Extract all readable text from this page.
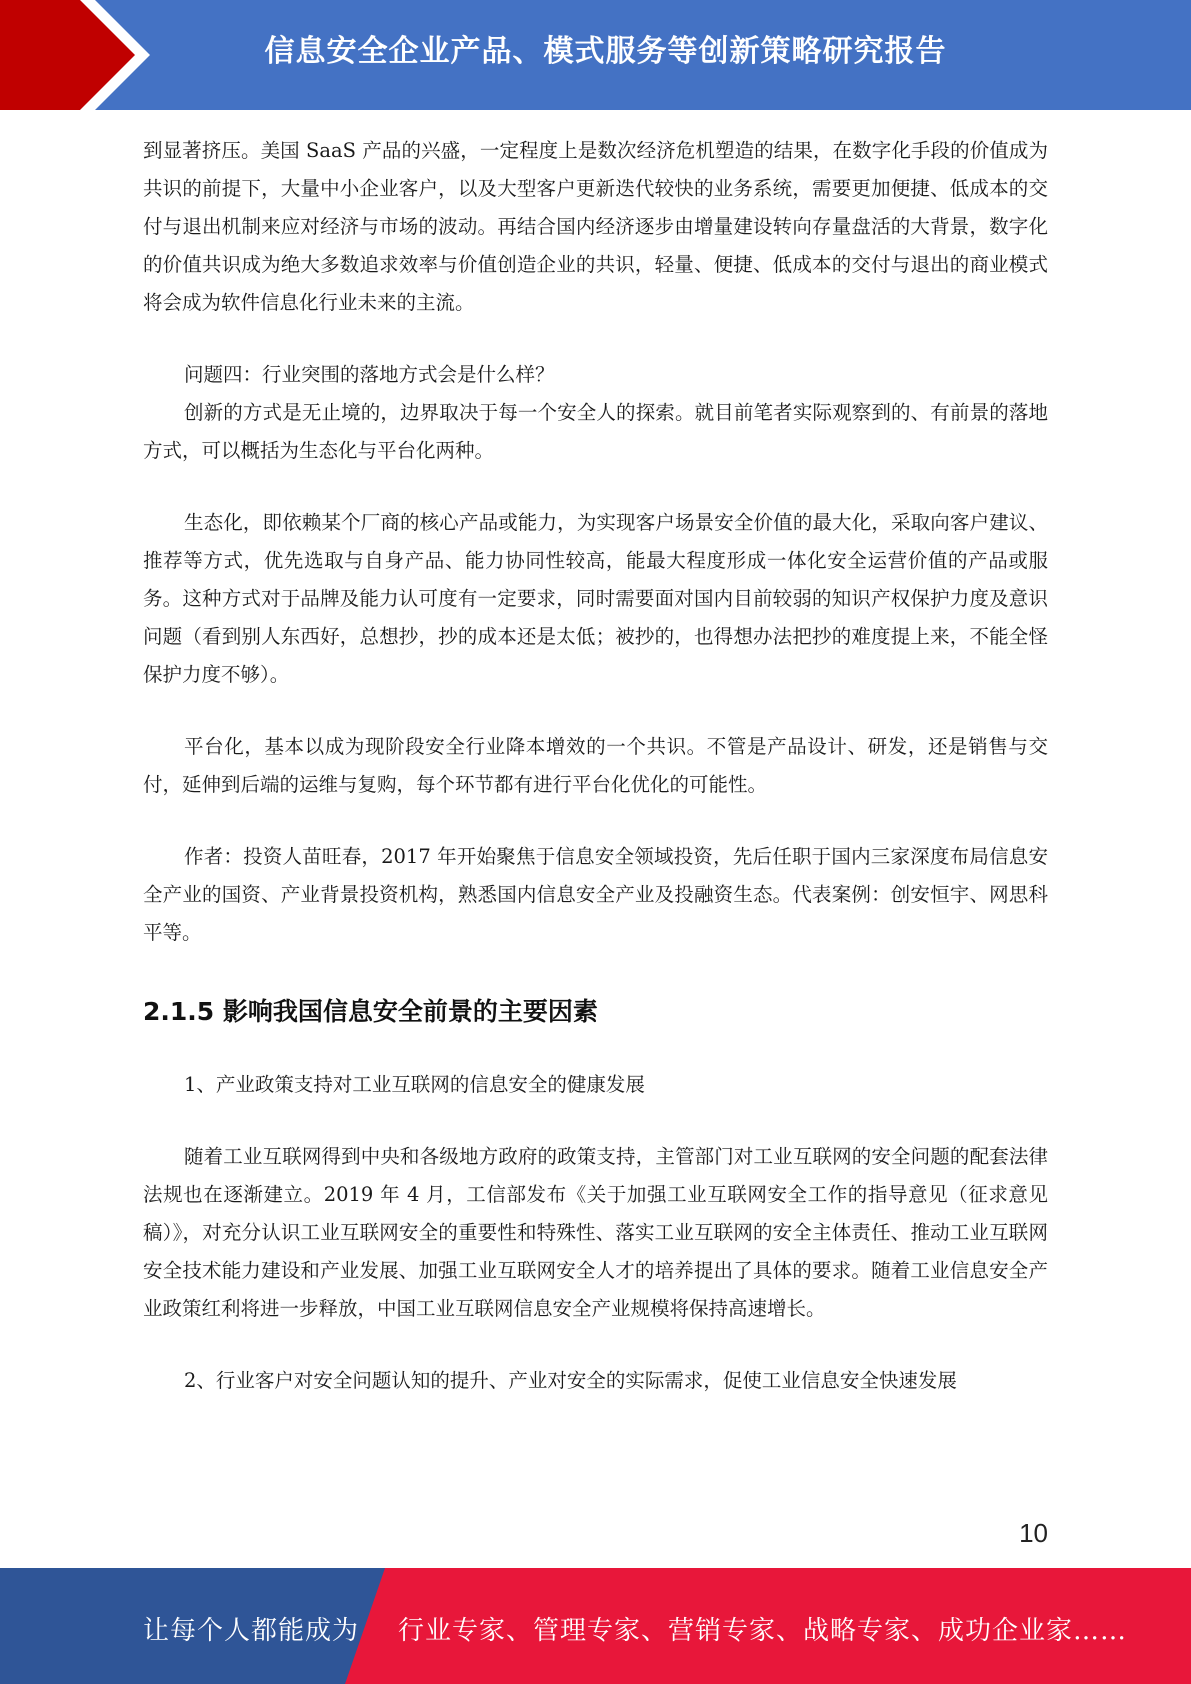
信息安全企业产品、模式服务等创新策略研究报告

到显著挤压。美国 SaaS 产品的兴盛，一定程度上是数次经济危机塑造的结果，在数字化手段的价值成为共识的前提下，大量中小企业客户，以及大型客户更新迭代较快的业务系统，需要更加便捷、低成本的交付与退出机制来应对经济与市场的波动。再结合国内经济逐步由增量建设转向存量盘活的大背景，数字化的价值共识成为绝大多数追求效率与价值创造企业的共识，轻量、便捷、低成本的交付与退出的商业模式将会成为软件信息化行业未来的主流。

问题四：行业突围的落地方式会是什么样？

创新的方式是无止境的，边界取决于每一个安全人的探索。就目前笔者实际观察到的、有前景的落地方式，可以概括为生态化与平台化两种。

生态化，即依赖某个厂商的核心产品或能力，为实现客户场景安全价值的最大化，采取向客户建议、推荐等方式，优先选取与自身产品、能力协同性较高，能最大程度形成一体化安全运营价值的产品或服务。这种方式对于品牌及能力认可度有一定要求，同时需要面对国内目前较弱的知识产权保护力度及意识问题（看到别人东西好，总想抄，抄的成本还是太低；被抄的，也得想办法把抄的难度提上来，不能全怪保护力度不够）。

平台化，基本以成为现阶段安全行业降本增效的一个共识。不管是产品设计、研发，还是销售与交付，延伸到后端的运维与复购，每个环节都有进行平台化优化的可能性。

作者：投资人苗旺春，2017 年开始聚焦于信息安全领域投资，先后任职于国内三家深度布局信息安全产业的国资、产业背景投资机构，熟悉国内信息安全产业及投融资生态。代表案例：创安恒宇、网思科平等。

2.1.5 影响我国信息安全前景的主要因素

1、产业政策支持对工业互联网的信息安全的健康发展

随着工业互联网得到中央和各级地方政府的政策支持，主管部门对工业互联网的安全问题的配套法律法规也在逐渐建立。2019 年 4 月，工信部发布《关于加强工业互联网安全工作的指导意见（征求意见稿）》，对充分认识工业互联网安全的重要性和特殊性、落实工业互联网的安全主体责任、推动工业互联网安全技术能力建设和产业发展、加强工业互联网安全人才的培养提出了具体的要求。随着工业信息安全产业政策红利将进一步释放，中国工业互联网信息安全产业规模将保持高速增长。

2、行业客户对安全问题认知的提升、产业对安全的实际需求，促使工业信息安全快速发展

10
让每个人都能成为 行业专家、管理专家、营销专家、战略专家、成功企业家……
